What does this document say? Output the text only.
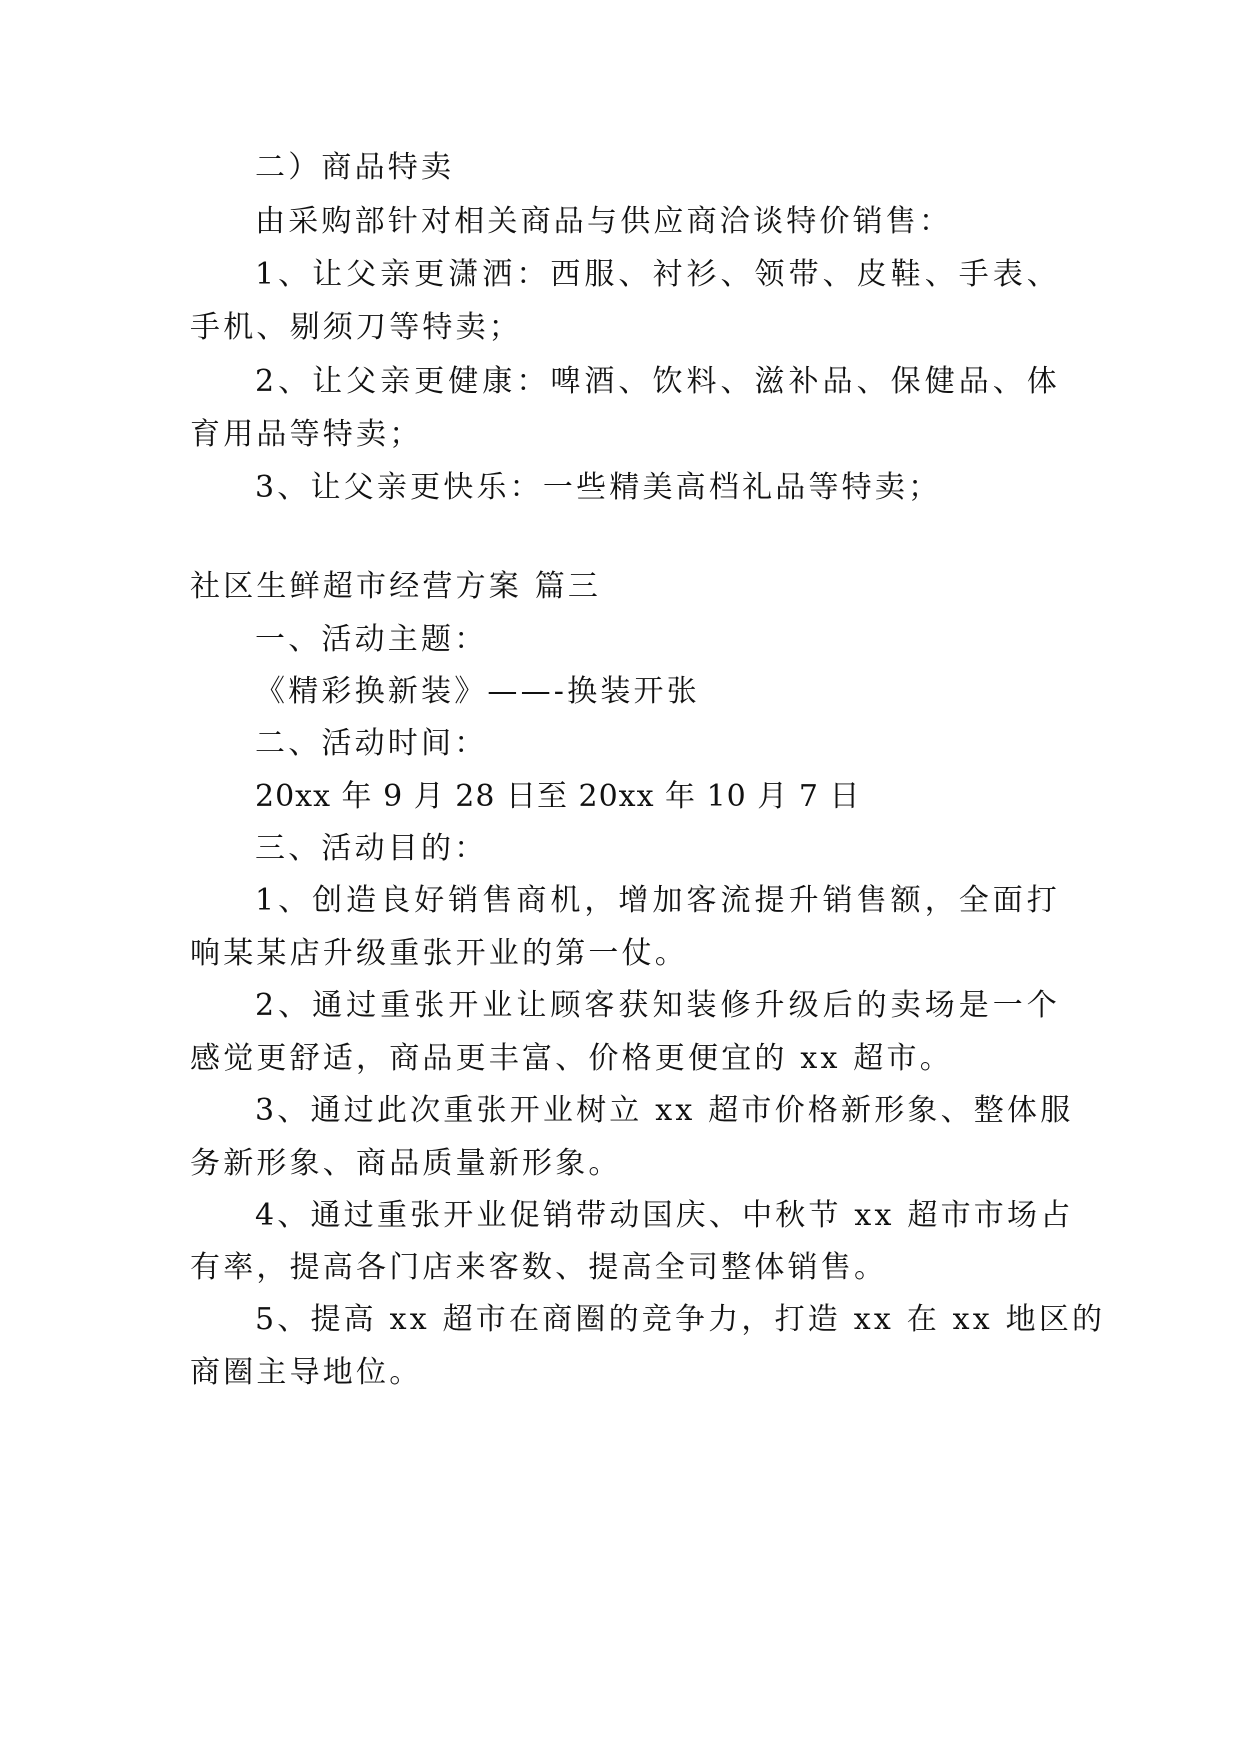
二）商品特卖
由采购部针对相关商品与供应商洽谈特价销售：
1、让父亲更潇洒：西服、衬衫、领带、皮鞋、手表、
手机、剔须刀等特卖；
2、让父亲更健康：啤酒、饮料、滋补品、保健品、体
育用品等特卖；
3、让父亲更快乐：一些精美高档礼品等特卖；
社区生鲜超市经营方案 篇三
一、活动主题：
《精彩换新装》——-换装开张
二、活动时间：
20xx 年 9 月 28 日至 20xx 年 10 月 7 日
三、活动目的：
1、创造良好销售商机，增加客流提升销售额，全面打
响某某店升级重张开业的第一仗。
2、通过重张开业让顾客获知装修升级后的卖场是一个
感觉更舒适，商品更丰富、价格更便宜的 xx 超市。
3、通过此次重张开业树立 xx 超市价格新形象、整体服
务新形象、商品质量新形象。
4、通过重张开业促销带动国庆、中秋节 xx 超市市场占
有率，提高各门店来客数、提高全司整体销售。
5、提高 xx 超市在商圈的竞争力，打造 xx 在 xx 地区的
商圈主导地位。
